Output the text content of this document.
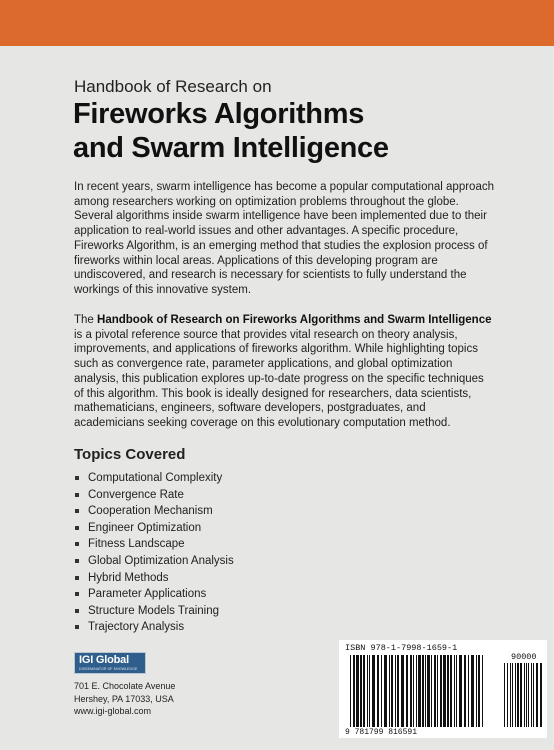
Handbook of Research on
Fireworks Algorithms
and Swarm Intelligence

In recent years, swarm intelligence has become a popular computational approach among researchers working on optimization problems throughout the globe. Several algorithms inside swarm intelligence have been implemented due to their application to real-world issues and other advantages. A specific procedure, Fireworks Algorithm, is an emerging method that studies the explosion process of fireworks within local areas. Applications of this developing program are undiscovered, and research is necessary for scientists to fully understand the workings of this innovative system.

The Handbook of Research on Fireworks Algorithms and Swarm Intelligence is a pivotal reference source that provides vital research on theory analysis, improvements, and applications of fireworks algorithm. While highlighting topics such as convergence rate, parameter applications, and global optimization analysis, this publication explores up-to-date progress on the specific techniques of this algorithm. This book is ideally designed for researchers, data scientists, mathematicians, engineers, software developers, postgraduates, and academicians seeking coverage on this evolutionary computation method.

Topics Covered
Computational Complexity
Convergence Rate
Cooperation Mechanism
Engineer Optimization
Fitness Landscape
Global Optimization Analysis
Hybrid Methods
Parameter Applications
Structure Models Training
Trajectory Analysis
IGI Global
DISSEMINATOR OF KNOWLEDGE
701 E. Chocolate Avenue
Hershey, PA 17033, USA
www.igi-global.com
ISBN 978-1-7998-1659-1
90000
9 781799 816591
